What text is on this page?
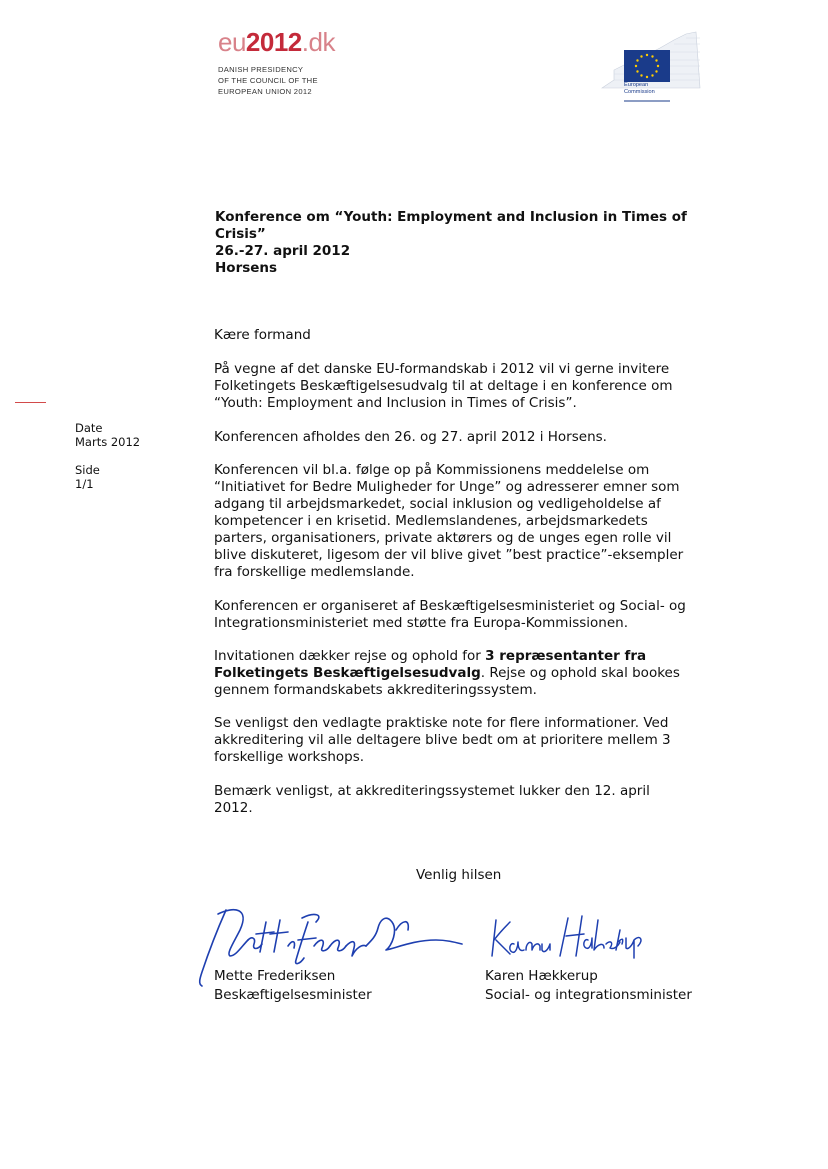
eu2012.dk
DANISH PRESIDENCY
OF THE COUNCIL OF THE
EUROPEAN UNION 2012
European
Commission
Konference om “Youth: Employment and Inclusion in Times of
Crisis”
26.-27. april 2012
Horsens
Date
Marts 2012
Side
1/1
Kære formand
På vegne af det danske EU-formandskab i 2012 vil vi gerne invitere
Folketingets Beskæftigelsesudvalg til at deltage i en konference om
“Youth: Employment and Inclusion in Times of Crisis”.
Konferencen afholdes den 26. og 27. april 2012 i Horsens.
Konferencen vil bl.a. følge op på Kommissionens meddelelse om
“Initiativet for Bedre Muligheder for Unge” og adresserer emner som
adgang til arbejdsmarkedet, social inklusion og vedligeholdelse af
kompetencer i en krisetid. Medlemslandenes, arbejdsmarkedets
parters, organisationers, private aktørers og de unges egen rolle vil
blive diskuteret, ligesom der vil blive givet ”best practice”-eksempler
fra forskellige medlemslande.
Konferencen er organiseret af Beskæftigelsesministeriet og Social- og
Integrationsministeriet med støtte fra Europa-Kommissionen.
Invitationen dækker rejse og ophold for 3 repræsentanter fra
Folketingets Beskæftigelsesudvalg. Rejse og ophold skal bookes
gennem formandskabets akkrediteringssystem.
Se venligst den vedlagte praktiske note for flere informationer. Ved
akkreditering vil alle deltagere blive bedt om at prioritere mellem 3
forskellige workshops.
Bemærk venligst, at akkrediteringssystemet lukker den 12. april
2012.
Venlig hilsen
Mette Frederiksen
Beskæftigelsesminister
Karen Hækkerup
Social- og integrationsminister
